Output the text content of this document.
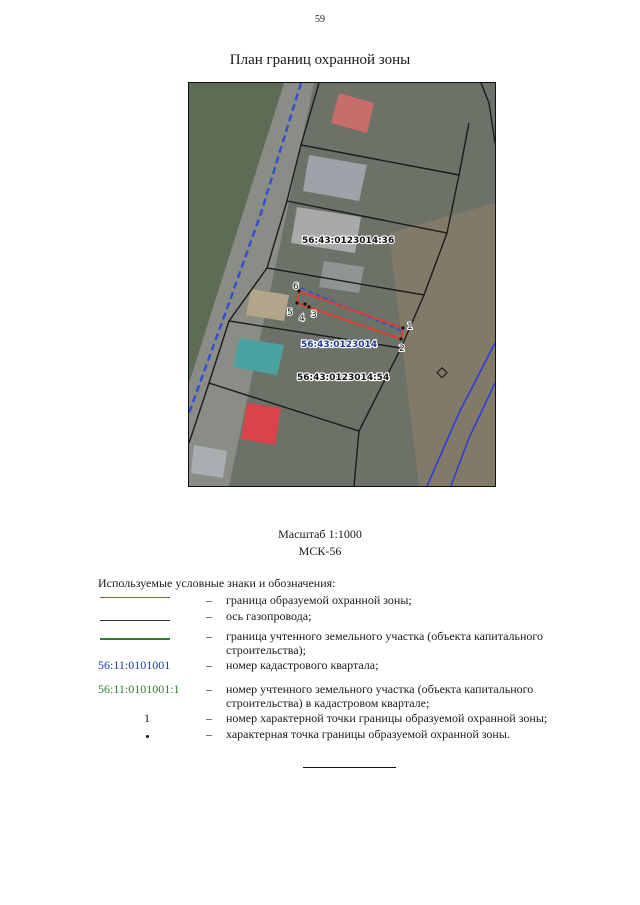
59
План границ охранной зоны
1
2
3
4
5
6
56:43:0123014:36
56:43:0123014
56:43:0123014:54
Масштаб 1:1000
МСК-56
Используемые условные знаки и обозначения:
– граница образуемой охранной зоны;
– ось газопровода;
– граница учтенного земельного участка (объекта капитального строительства);
56:11:0101001	– номер кадастрового квартала;
56:11:0101001:1	– номер учтенного земельного участка (объекта капитального строительства) в кадастровом квартале;
1	– номер характерной точки границы образуемой охранной зоны;
– характерная точка границы образуемой охранной зоны.
